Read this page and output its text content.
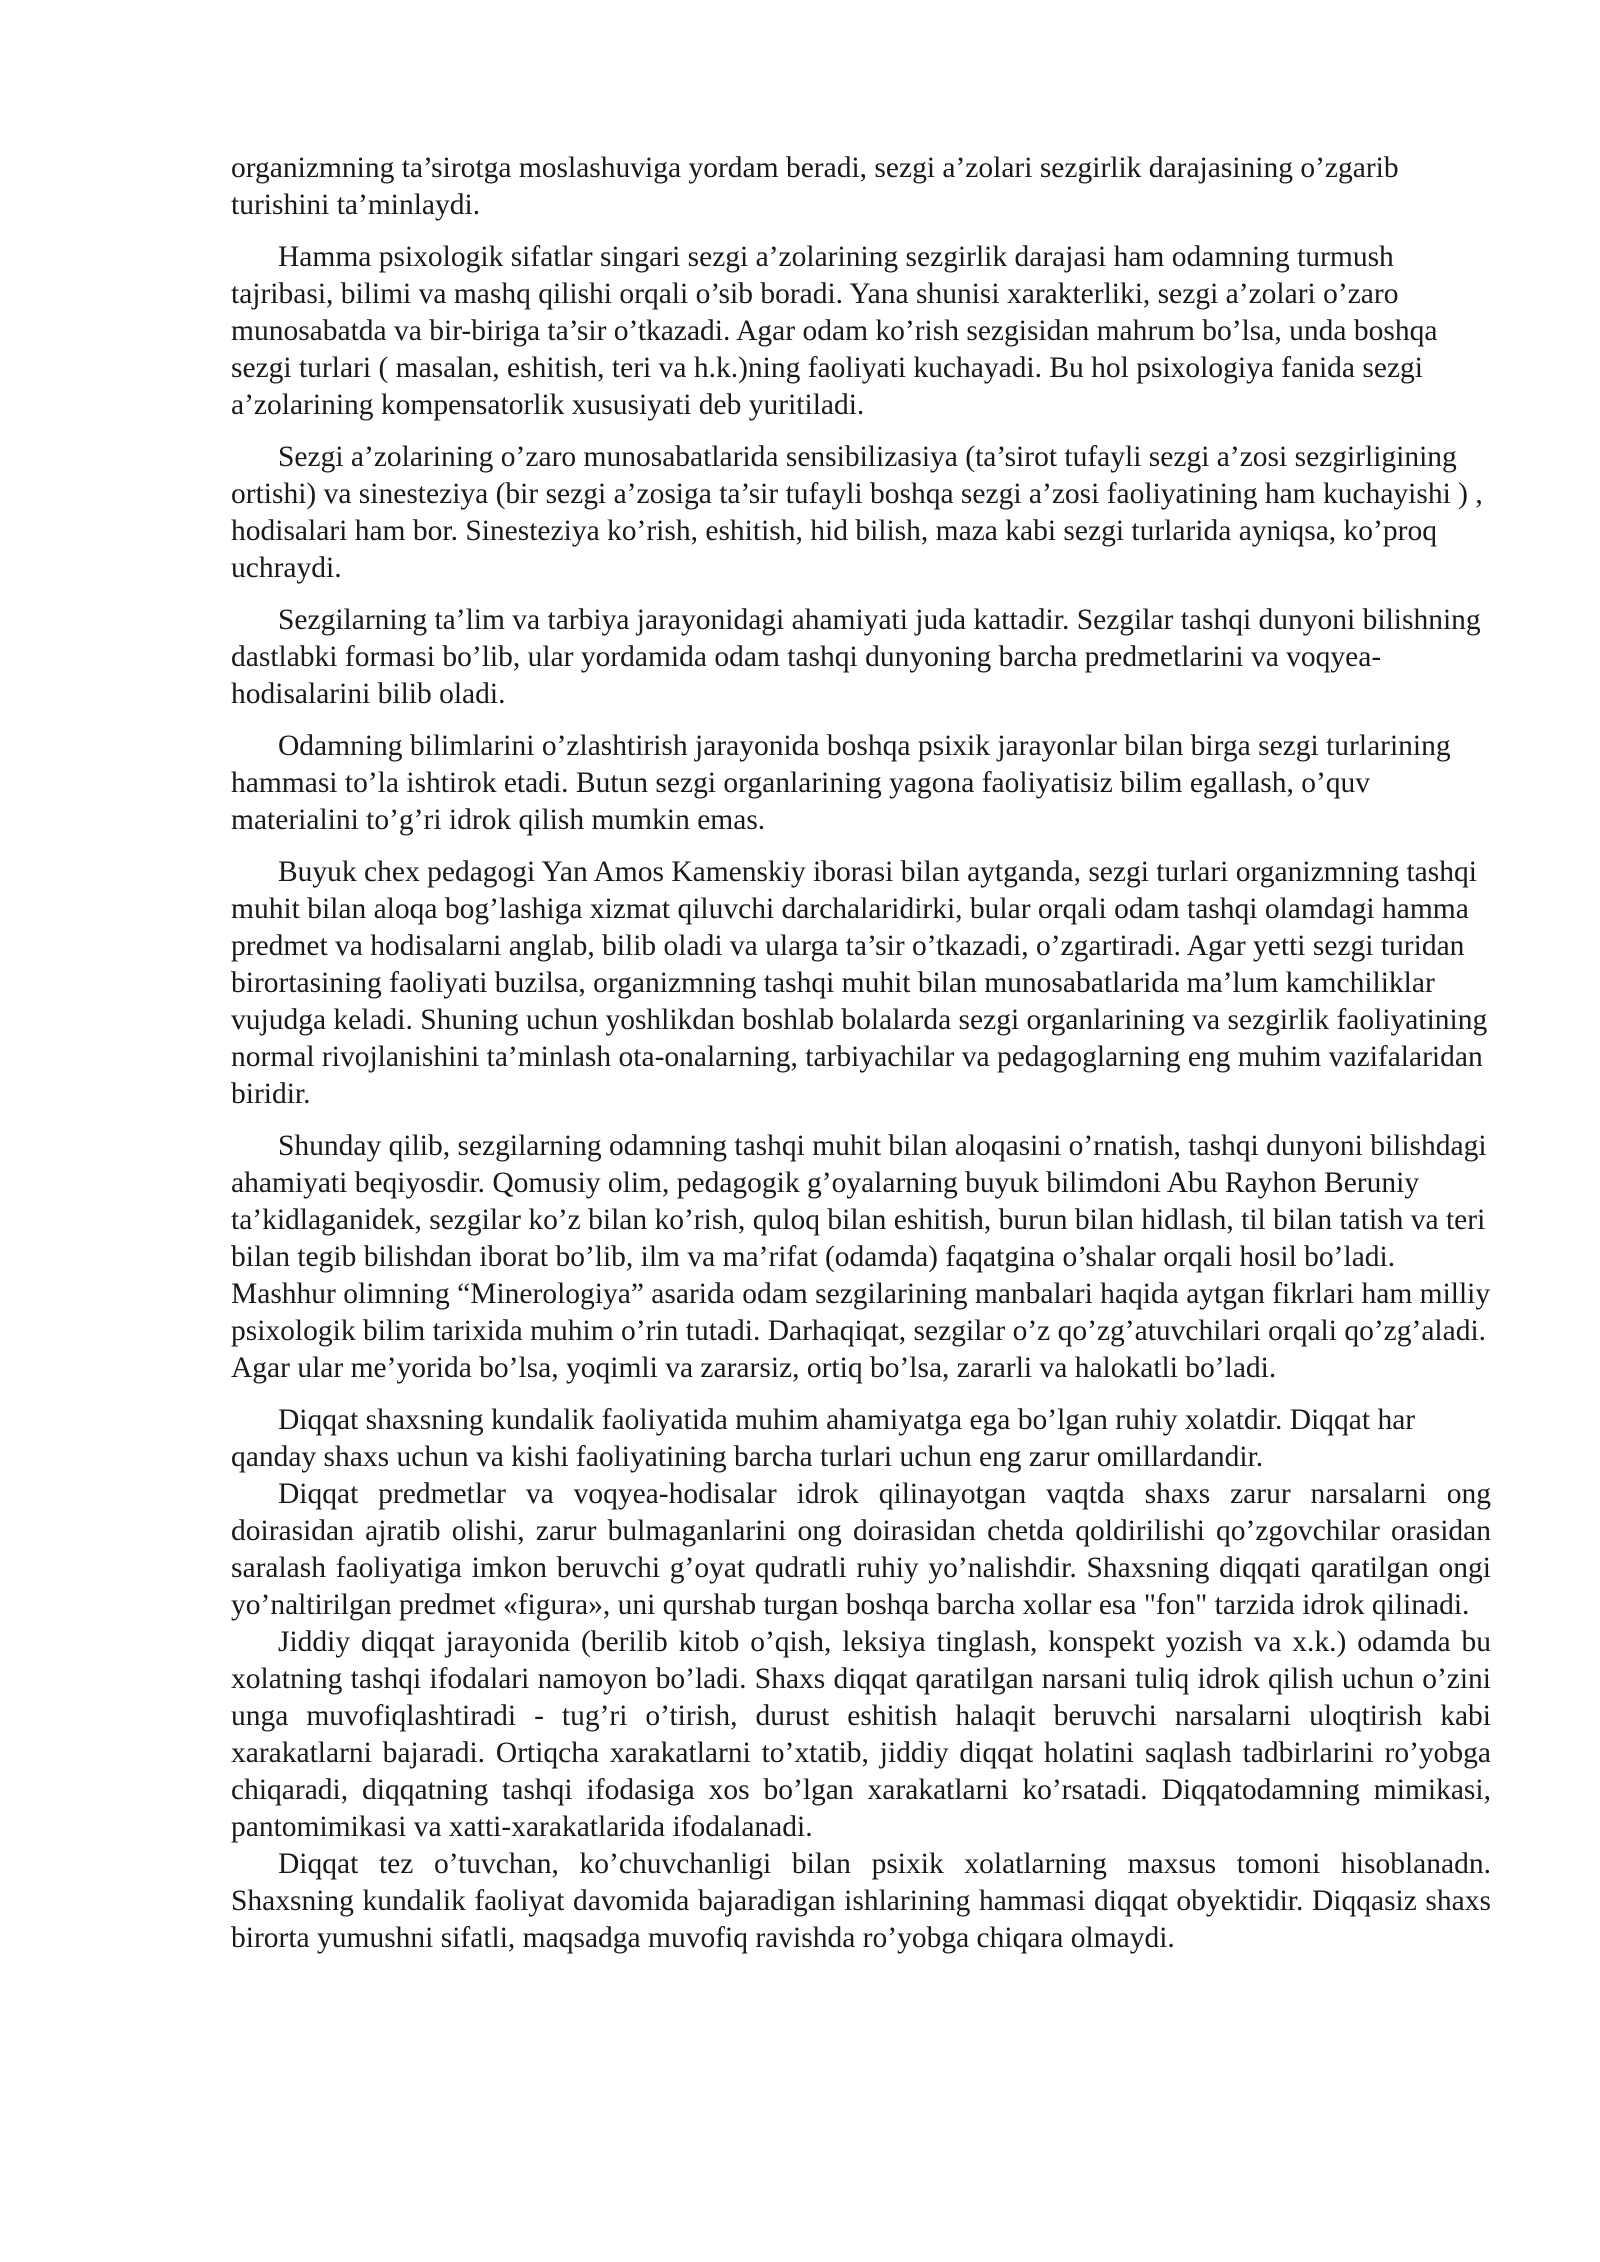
organizmning ta’sirotga moslashuviga yordam beradi, sezgi a’zolari sezgirlik darajasining o’zgarib turishini ta’minlaydi.

Hamma psixologik sifatlar singari sezgi a’zolarining sezgirlik darajasi ham odamning turmush tajribasi, bilimi va mashq qilishi orqali o’sib boradi. Yana shunisi xarakterliki, sezgi a’zolari o’zaro munosabatda va bir-biriga ta’sir o’tkazadi. Agar odam ko’rish sezgisidan mahrum bo’lsa, unda boshqa sezgi turlari ( masalan, eshitish, teri va h.k.)ning faoliyati kuchayadi. Bu hol psixologiya fanida sezgi a’zolarining kompensatorlik xususiyati deb yuritiladi.

Sezgi a’zolarining o’zaro munosabatlarida sensibilizasiya (ta’sirot tufayli sezgi a’zosi sezgirligining ortishi) va sinesteziya (bir sezgi a’zosiga ta’sir tufayli boshqa sezgi a’zosi faoliyatining ham kuchayishi ) , hodisalari ham bor. Sinesteziya ko’rish, eshitish, hid bilish, maza kabi sezgi turlarida ayniqsa, ko’proq uchraydi.

Sezgilarning ta’lim va tarbiya jarayonidagi ahamiyati juda kattadir. Sezgilar tashqi dunyoni bilishning dastlabki formasi bo’lib, ular yordamida odam tashqi dunyoning barcha predmetlarini va voqyea-hodisalarini bilib oladi.

Odamning bilimlarini o’zlashtirish jarayonida boshqa psixik jarayonlar bilan birga sezgi turlarining hammasi to’la ishtirok etadi. Butun sezgi organlarining yagona faoliyatisiz bilim egallash, o’quv materialini to’g’ri idrok qilish mumkin emas.

Buyuk chex pedagogi Yan Amos Kamenskiy iborasi bilan aytganda, sezgi turlari organizmning tashqi muhit bilan aloqa bog’lashiga xizmat qiluvchi darchalaridirki, bular orqali odam tashqi olamdagi hamma predmet va hodisalarni anglab, bilib oladi va ularga ta’sir o’tkazadi, o’zgartiradi. Agar yetti sezgi turidan birortasining faoliyati buzilsa, organizmning tashqi muhit bilan munosabatlarida ma’lum kamchiliklar vujudga keladi. Shuning uchun yoshlikdan boshlab bolalarda sezgi organlarining va sezgirlik faoliyatining normal rivojlanishini ta’minlash ota-onalarning, tarbiyachilar va pedagoglarning eng muhim vazifalaridan biridir.

Shunday qilib, sezgilarning odamning tashqi muhit bilan aloqasini o’rnatish, tashqi dunyoni bilishdagi ahamiyati beqiyosdir. Qomusiy olim, pedagogik g’oyalarning buyuk bilimdoni Abu Rayhon Beruniy ta’kidlaganidek, sezgilar ko’z bilan ko’rish, quloq bilan eshitish, burun bilan hidlash, til bilan tatish va teri bilan tegib bilishdan iborat bo’lib, ilm va ma’rifat (odamda) faqatgina o’shalar orqali hosil bo’ladi. Mashhur olimning “Minerologiya” asarida odam sezgilarining manbalari haqida aytgan fikrlari ham milliy psixologik bilim tarixida muhim o’rin tutadi. Darhaqiqat, sezgilar o’z qo’zg’atuvchilari orqali qo’zg’aladi. Agar ular me’yorida bo’lsa, yoqimli va zararsiz, ortiq bo’lsa, zararli va halokatli bo’ladi.

Diqqat shaxsning kundalik faoliyatida muhim ahamiyatga ega bo’lgan ruhiy xolatdir. Diqqat har qanday shaxs uchun va kishi faoliyatining barcha turlari uchun eng zarur omillardandir.

Diqqat predmetlar va voqyea-hodisalar idrok qilinayotgan vaqtda shaxs zarur narsalarni ong doirasidan ajratib olishi, zarur bulmaganlarini ong doirasidan chetda qoldirilishi qo’zgovchilar orasidan saralash faoliyatiga imkon beruvchi g’oyat qudratli ruhiy yo’nalishdir. Shaxsning diqqati qaratilgan ongi yo’naltirilgan predmet «figura», uni qurshab turgan boshqa barcha xollar esa "fon" tarzida idrok qilinadi.

Jiddiy diqqat jarayonida (berilib kitob o’qish, leksiya tinglash, konspekt yozish va x.k.) odamda bu xolatning tashqi ifodalari namoyon bo’ladi. Shaxs diqqat qaratilgan narsani tuliq idrok qilish uchun o’zini unga muvofiqlashtiradi - tug’ri o’tirish, durust eshitish halaqit beruvchi narsalarni uloqtirish kabi xarakatlarni bajaradi. Ortiqcha xarakatlarni to’xtatib, jiddiy diqqat holatini saqlash tadbirlarini ro’yobga chiqaradi, diqqatning tashqi ifodasiga xos bo’lgan xarakatlarni ko’rsatadi. Diqqatodamning mimikasi, pantomimikasi va xatti-xarakatlarida ifodalanadi.

Diqqat tez o’tuvchan, ko’chuvchanligi bilan psixik xolatlarning maxsus tomoni hisoblanadn. Shaxsning kundalik faoliyat davomida bajaradigan ishlarining hammasi diqqat obyektidir. Diqqasiz shaxs birorta yumushni sifatli, maqsadga muvofiq ravishda ro’yobga chiqara olmaydi.
